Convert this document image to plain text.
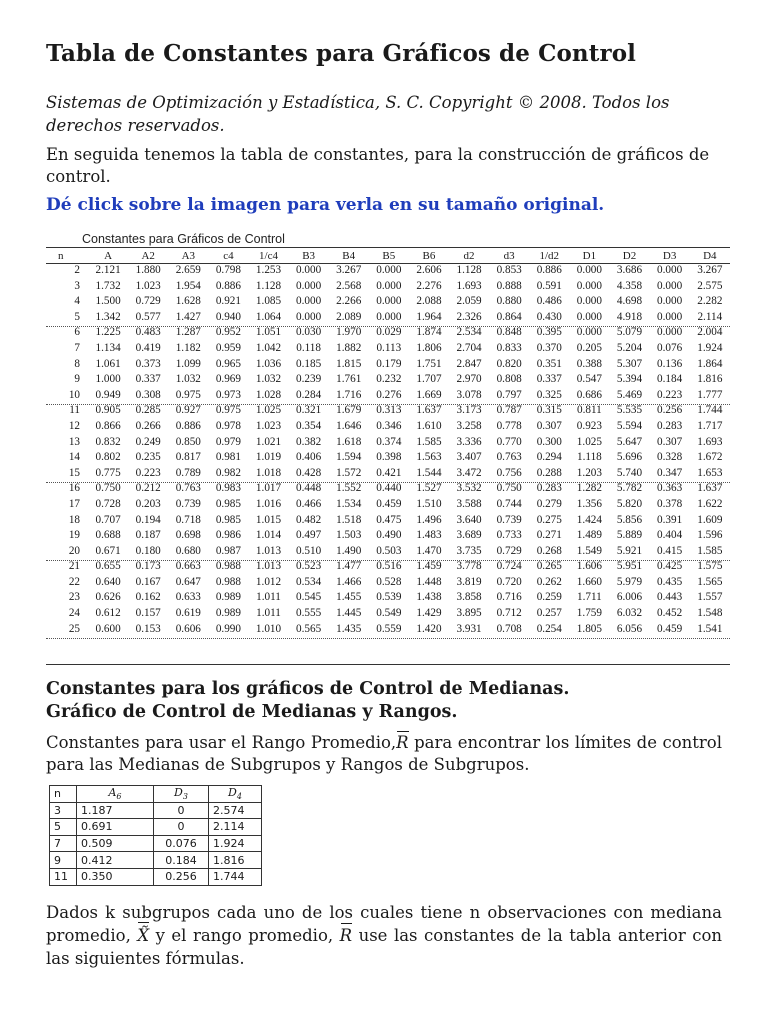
Tabla de Constantes para Gráficos de Control

Sistemas de Optimización y Estadística, S. C. Copyright © 2008. Todos los derechos reservados.

En seguida tenemos la tabla de constantes, para la construcción de gráficos de control.

Dé click sobre la imagen para verla en su tamaño original.

Constantes para Gráficos de Control
n	A	A2	A3	c4	1/c4	B3	B4	B5	B6	d2	d3	1/d2	D1	D2	D3	D4
2	2.121	1.880	2.659	0.798	1.253	0.000	3.267	0.000	2.606	1.128	0.853	0.886	0.000	3.686	0.000	3.267
3	1.732	1.023	1.954	0.886	1.128	0.000	2.568	0.000	2.276	1.693	0.888	0.591	0.000	4.358	0.000	2.575
4	1.500	0.729	1.628	0.921	1.085	0.000	2.266	0.000	2.088	2.059	0.880	0.486	0.000	4.698	0.000	2.282
5	1.342	0.577	1.427	0.940	1.064	0.000	2.089	0.000	1.964	2.326	0.864	0.430	0.000	4.918	0.000	2.114
6	1.225	0.483	1.287	0.952	1.051	0.030	1.970	0.029	1.874	2.534	0.848	0.395	0.000	5.079	0.000	2.004
7	1.134	0.419	1.182	0.959	1.042	0.118	1.882	0.113	1.806	2.704	0.833	0.370	0.205	5.204	0.076	1.924
8	1.061	0.373	1.099	0.965	1.036	0.185	1.815	0.179	1.751	2.847	0.820	0.351	0.388	5.307	0.136	1.864
9	1.000	0.337	1.032	0.969	1.032	0.239	1.761	0.232	1.707	2.970	0.808	0.337	0.547	5.394	0.184	1.816
10	0.949	0.308	0.975	0.973	1.028	0.284	1.716	0.276	1.669	3.078	0.797	0.325	0.686	5.469	0.223	1.777
11	0.905	0.285	0.927	0.975	1.025	0.321	1.679	0.313	1.637	3.173	0.787	0.315	0.811	5.535	0.256	1.744
12	0.866	0.266	0.886	0.978	1.023	0.354	1.646	0.346	1.610	3.258	0.778	0.307	0.923	5.594	0.283	1.717
13	0.832	0.249	0.850	0.979	1.021	0.382	1.618	0.374	1.585	3.336	0.770	0.300	1.025	5.647	0.307	1.693
14	0.802	0.235	0.817	0.981	1.019	0.406	1.594	0.398	1.563	3.407	0.763	0.294	1.118	5.696	0.328	1.672
15	0.775	0.223	0.789	0.982	1.018	0.428	1.572	0.421	1.544	3.472	0.756	0.288	1.203	5.740	0.347	1.653
16	0.750	0.212	0.763	0.983	1.017	0.448	1.552	0.440	1.527	3.532	0.750	0.283	1.282	5.782	0.363	1.637
17	0.728	0.203	0.739	0.985	1.016	0.466	1.534	0.459	1.510	3.588	0.744	0.279	1.356	5.820	0.378	1.622
18	0.707	0.194	0.718	0.985	1.015	0.482	1.518	0.475	1.496	3.640	0.739	0.275	1.424	5.856	0.391	1.609
19	0.688	0.187	0.698	0.986	1.014	0.497	1.503	0.490	1.483	3.689	0.733	0.271	1.489	5.889	0.404	1.596
20	0.671	0.180	0.680	0.987	1.013	0.510	1.490	0.503	1.470	3.735	0.729	0.268	1.549	5.921	0.415	1.585
21	0.655	0.173	0.663	0.988	1.013	0.523	1.477	0.516	1.459	3.778	0.724	0.265	1.606	5.951	0.425	1.575
22	0.640	0.167	0.647	0.988	1.012	0.534	1.466	0.528	1.448	3.819	0.720	0.262	1.660	5.979	0.435	1.565
23	0.626	0.162	0.633	0.989	1.011	0.545	1.455	0.539	1.438	3.858	0.716	0.259	1.711	6.006	0.443	1.557
24	0.612	0.157	0.619	0.989	1.011	0.555	1.445	0.549	1.429	3.895	0.712	0.257	1.759	6.032	0.452	1.548
25	0.600	0.153	0.606	0.990	1.010	0.565	1.435	0.559	1.420	3.931	0.708	0.254	1.805	6.056	0.459	1.541
Constantes para los gráficos de Control de Medianas.
Gráfico de Control de Medianas y Rangos.

Constantes para usar el Rango Promedio,
R para encontrar los límites de control para las Medianas de Subgrupos y Rangos de Subgrupos.

n	$A_6$	$D_3$	$D_4$
3	1.187	0	2.574
5	0.691	0	2.114
7	0.509	0.076	1.924
9	0.412	0.184	1.816
11	0.350	0.256	1.744

Dados k subgrupos cada uno de los cuales tiene n observaciones con mediana promedio,
X̃ y el rango promedio,
R use las constantes de la tabla anterior con las siguientes fórmulas.
